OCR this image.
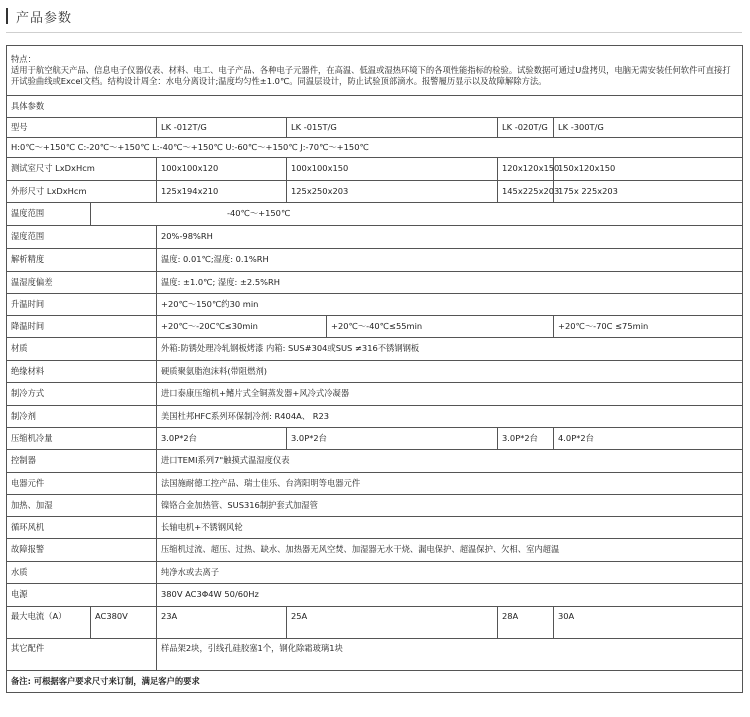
产品参数
特点：
适用于航空航天产品、信息电子仪器仪表、材料、电工、电子产品、各种电子元器件，在高温、低温或湿热环境下的各项性能指标的检验。试验数据可通过U盘拷贝，电脑无需安装任何软件可直接打开试验曲线或Excel文档。结构设计周全：水电分离设计;温度均匀性±1.0℃。同温层设计，防止试验顶部滴水。报警履历显示以及故障解除方法。						

具体参数						
型号		LK -012T/G	LK -015T/G		LK -020T/G	LK -300T/G
H:0℃～+150℃ C:-20℃～+150℃ L:-40℃～+150℃ U:-60℃～+150℃ J:-70℃～+150℃						
测试室尺寸 LxDxHcm		100x100x120	100x100x150		120x120x150	150x120x150
外形尺寸 LxDxHcm		125x194x210	125x250x203		145x225x203	175x 225x203
温度范围	-40℃～+150℃					
湿度范围		20%-98%RH				
解析精度		温度: 0.01℃;湿度: 0.1%RH				
温湿度偏差		温度: ±1.0℃; 湿度: ±2.5%RH				
升温时间		+20℃～150℃约30 min				
降温时间		+20℃～-20C℃≤30min		+20℃～-40℃≤55min		+20℃～-70C ≤75min
材质		外箱:防锈处理冷轧钢板烤漆 内箱: SUS#304或SUS ≠316不锈钢钢板				
绝缘材料		硬质聚氨脂泡沫料(带阻燃剂)				
制冷方式		进口泰康压缩机+鳍片式全铜蒸发器+风冷式冷凝器				
制冷剂		美国杜邦HFC系列环保制冷剂: R404A、 R23				
压缩机冷量		3.0P*2台	3.0P*2台		3.0P*2台	4.0P*2台
控制器		进口TEMI系列7"触摸式温湿度仪表				
电器元件		法国施耐德工控产品、瑞士佳乐、台湾阳明等电器元件				
加热、加湿		镍铬合金加热管、SUS316制护套式加湿管				
循环风机		长轴电机+不锈钢风轮				
故障报警		压缩机过流、超压、过热、缺水、加热器无风空焚、加湿器无水干烧、漏电保护、超温保护、欠相、室内超温				
水质		纯净水或去离子				
电源		380V AC3Φ4W 50/60Hz				
最大电流（A）	AC380V	23A	25A		28A	30A
其它配件		样品架2块，引线孔硅胶塞1个，钢化除霜玻璃1块				
备注: 可根据客户要求尺寸来订制，满足客户的要求						
